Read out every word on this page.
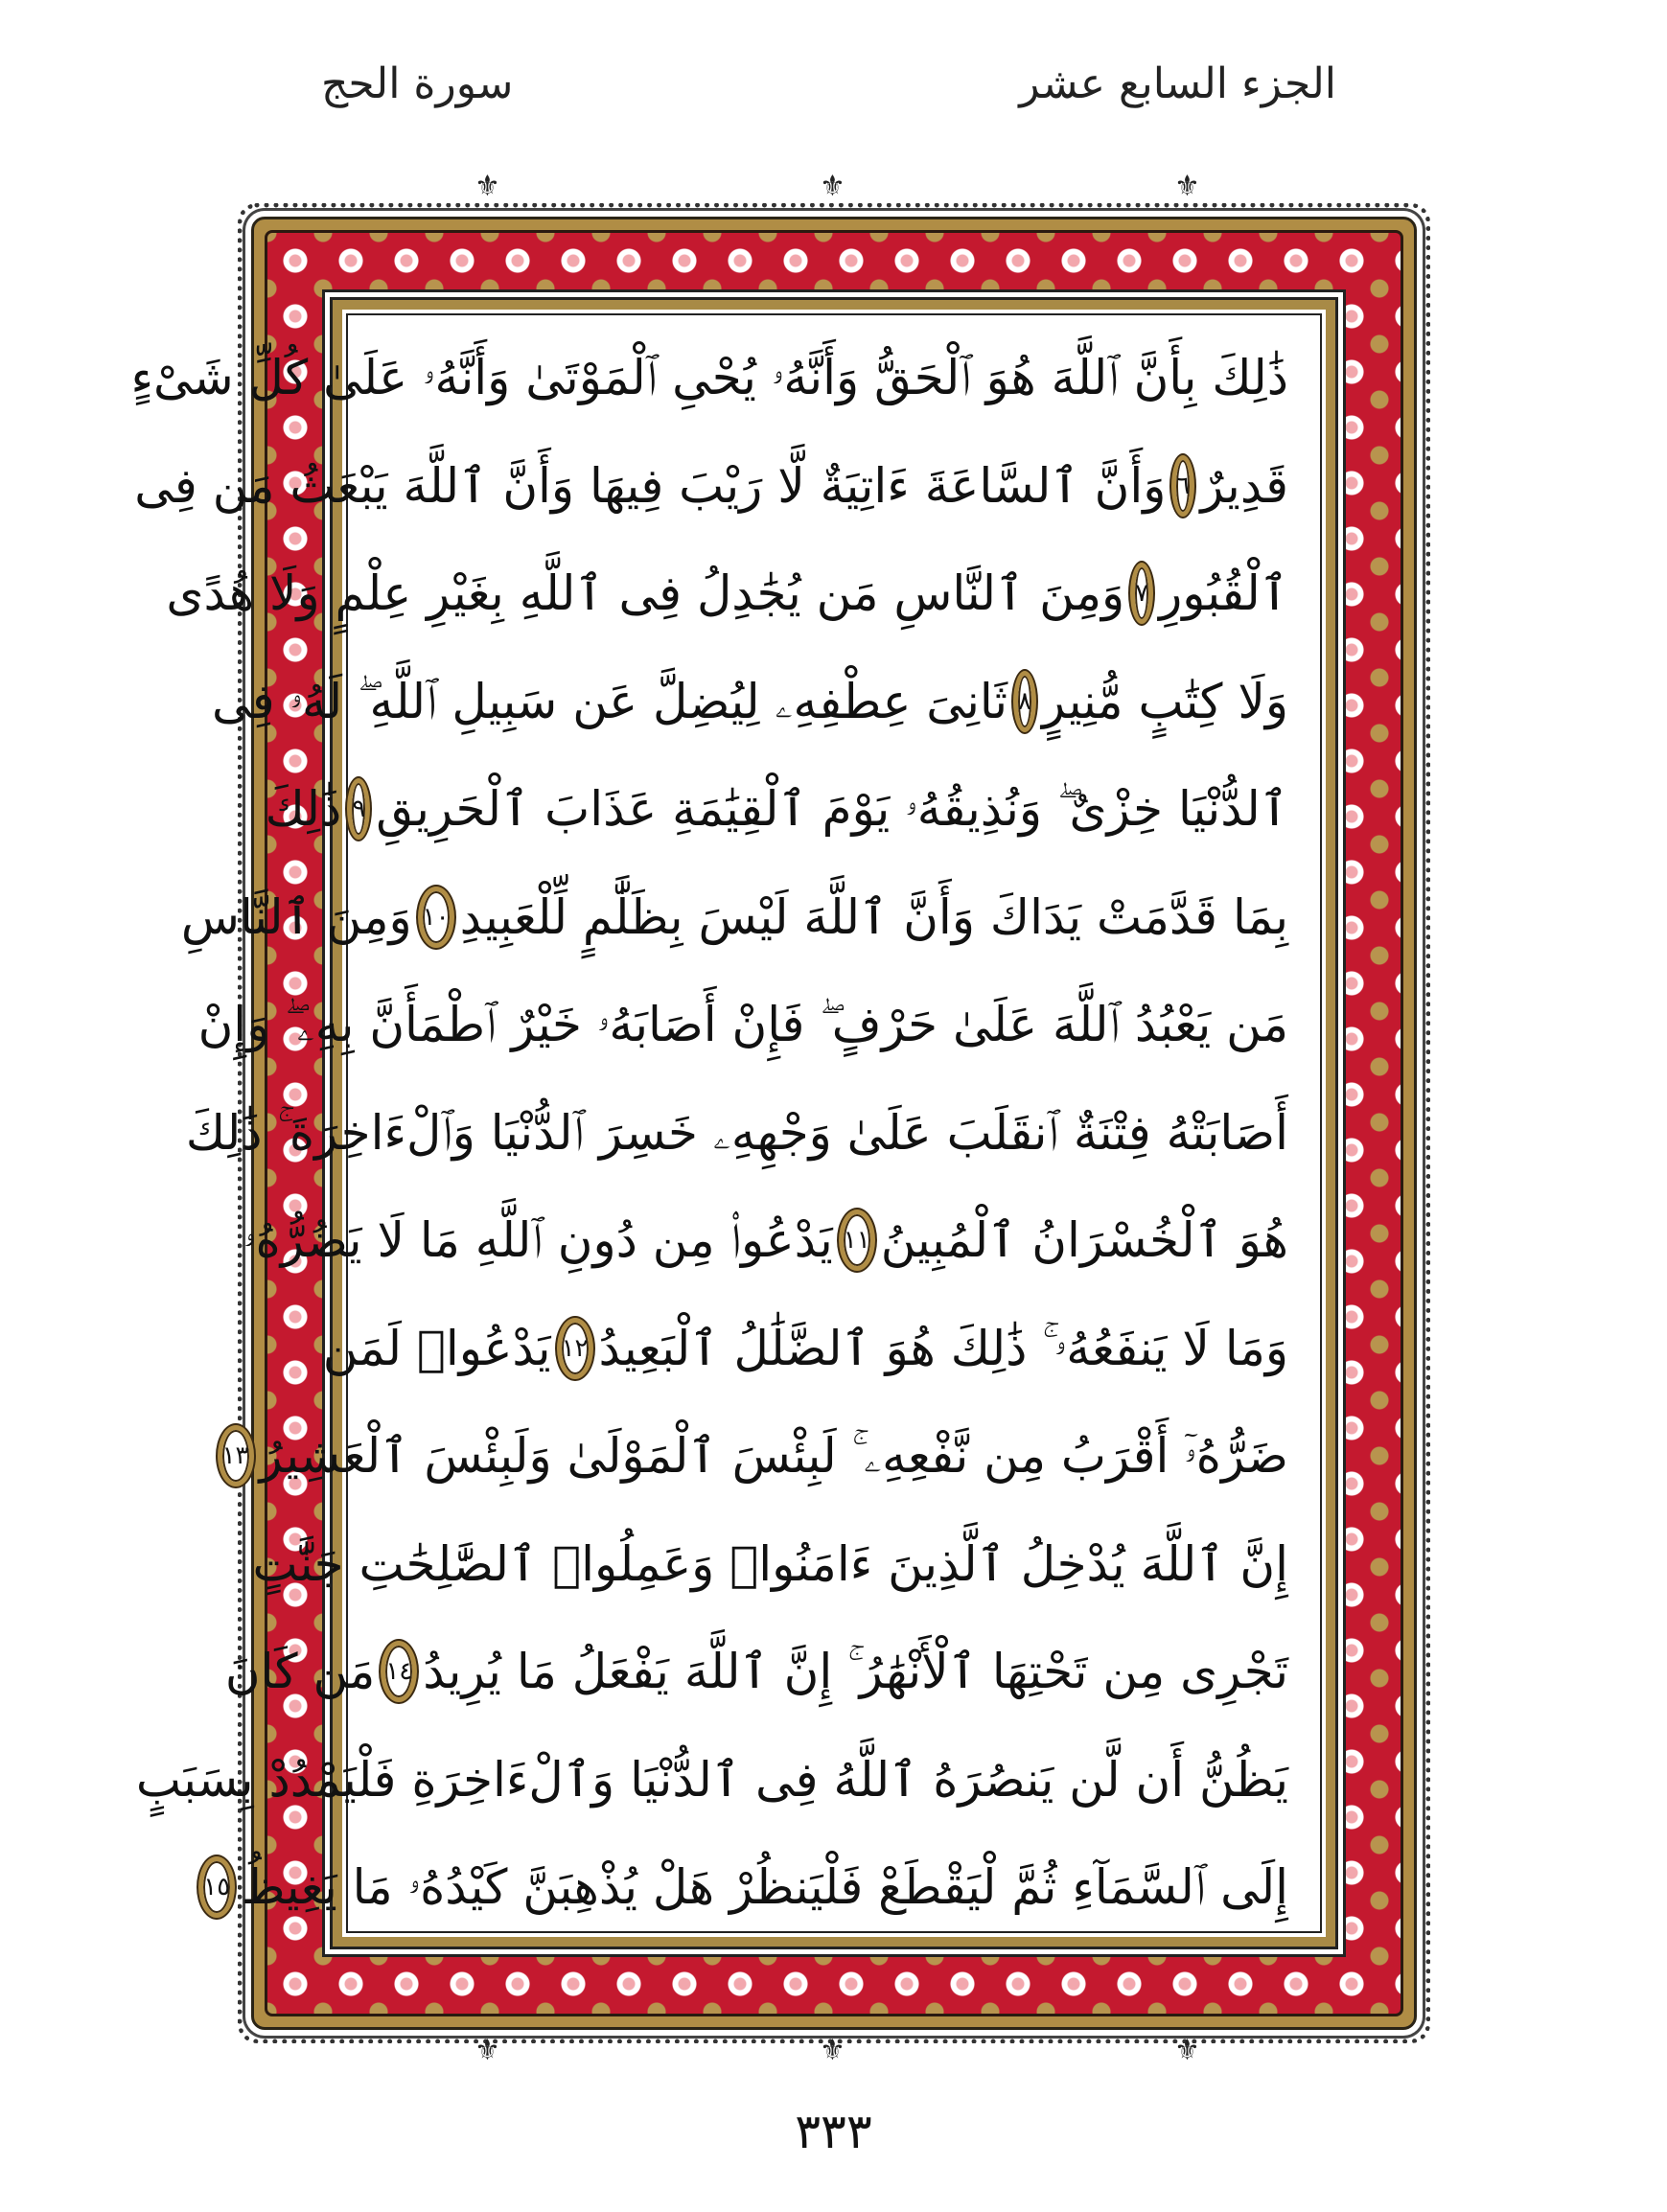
الجزء السابع عشر
سورة الحج
⚜	⚜	⚜
⚜	⚜	⚜
ذَٰلِكَ بِأَنَّ ٱللَّهَ هُوَ ٱلْحَقُّ وَأَنَّهُۥ يُحْىِ ٱلْمَوْتَىٰ وَأَنَّهُۥ عَلَىٰ كُلِّ شَىْءٍ
قَدِيرٌ
٦
وَأَنَّ ٱلسَّاعَةَ ءَاتِيَةٌ لَّا رَيْبَ فِيهَا وَأَنَّ ٱللَّهَ يَبْعَثُ مَن فِى
ٱلْقُبُورِ
٧
وَمِنَ ٱلنَّاسِ مَن يُجَٰدِلُ فِى ٱللَّهِ بِغَيْرِ عِلْمٍ وَلَا هُدًى
وَلَا كِتَٰبٍ مُّنِيرٍ
٨
ثَانِىَ عِطْفِهِۦ لِيُضِلَّ عَن سَبِيلِ ٱللَّهِ ۖ لَهُۥ فِى
ٱلدُّنْيَا خِزْىٌ ۖ وَنُذِيقُهُۥ يَوْمَ ٱلْقِيَٰمَةِ عَذَابَ ٱلْحَرِيقِ
٩
ذَٰلِكَ
بِمَا قَدَّمَتْ يَدَاكَ وَأَنَّ ٱللَّهَ لَيْسَ بِظَلَّٰمٍ لِّلْعَبِيدِ
١٠
وَمِنَ ٱلنَّاسِ
مَن يَعْبُدُ ٱللَّهَ عَلَىٰ حَرْفٍ ۖ فَإِنْ أَصَابَهُۥ خَيْرٌ ٱطْمَأَنَّ بِهِۦ ۖ وَإِنْ
أَصَابَتْهُ فِتْنَةٌ ٱنقَلَبَ عَلَىٰ وَجْهِهِۦ خَسِرَ ٱلدُّنْيَا وَٱلْءَاخِرَةَ ۚ ذَٰلِكَ
هُوَ ٱلْخُسْرَانُ ٱلْمُبِينُ
١١
يَدْعُوا۟ مِن دُونِ ٱللَّهِ مَا لَا يَضُرُّهُۥ
وَمَا لَا يَنفَعُهُۥ ۚ ذَٰلِكَ هُوَ ٱلضَّلَٰلُ ٱلْبَعِيدُ
١٢
يَدْعُوا۟ لَمَن
ضَرُّهُۥٓ أَقْرَبُ مِن نَّفْعِهِۦ ۚ لَبِئْسَ ٱلْمَوْلَىٰ وَلَبِئْسَ ٱلْعَشِيرُ
١٣
إِنَّ ٱللَّهَ يُدْخِلُ ٱلَّذِينَ ءَامَنُوا۟ وَعَمِلُوا۟ ٱلصَّٰلِحَٰتِ جَنَّٰتٍ
تَجْرِى مِن تَحْتِهَا ٱلْأَنْهَٰرُ ۚ إِنَّ ٱللَّهَ يَفْعَلُ مَا يُرِيدُ
١٤
مَن كَانَ
يَظُنُّ أَن لَّن يَنصُرَهُ ٱللَّهُ فِى ٱلدُّنْيَا وَٱلْءَاخِرَةِ فَلْيَمْدُدْ بِسَبَبٍ
إِلَى ٱلسَّمَآءِ ثُمَّ لْيَقْطَعْ فَلْيَنظُرْ هَلْ يُذْهِبَنَّ كَيْدُهُۥ مَا يَغِيظُ
١٥
٣٣٣
